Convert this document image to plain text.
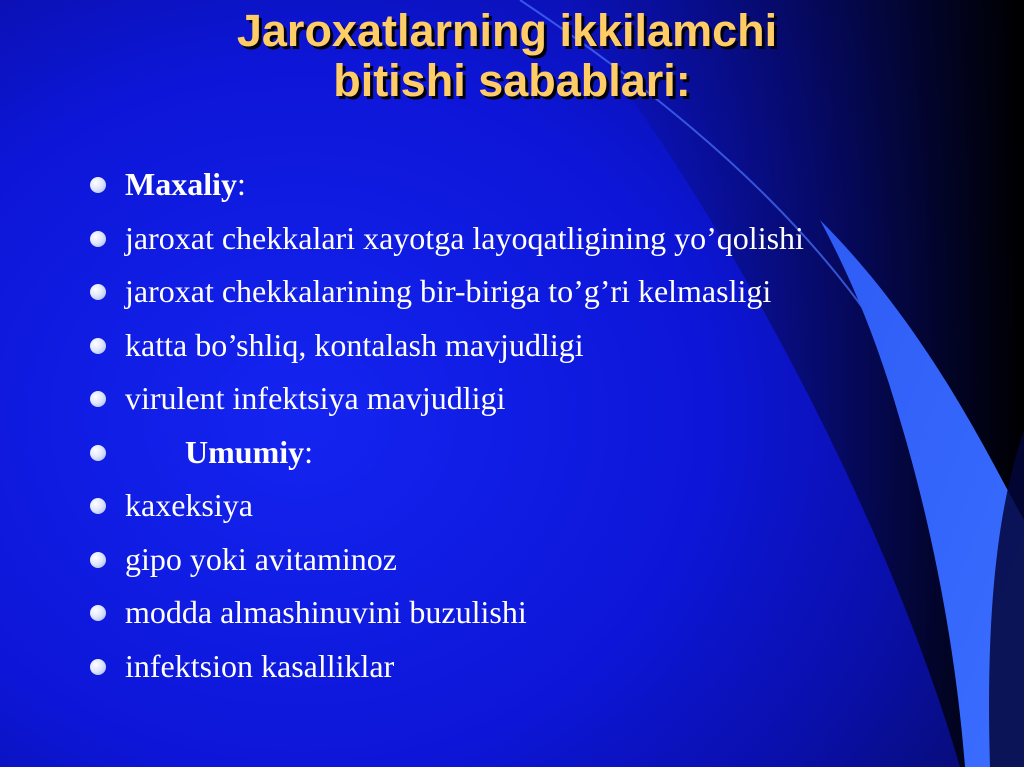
Jaroxatlarning ikkilamchi
bitishi sabablari:
Maxaliy :
jaroxat chekkalari xayotga layoqatligining yo’qolishi
jaroxat chekkalarining bir-biriga to’g’ri kelmasligi
katta bo’shliq, kontalash mavjudligi
virulent infektsiya mavjudligi
Umumiy :
kaxeksiya
gipo yoki avitaminoz
modda almashinuvini buzulishi
infektsion kasalliklar
